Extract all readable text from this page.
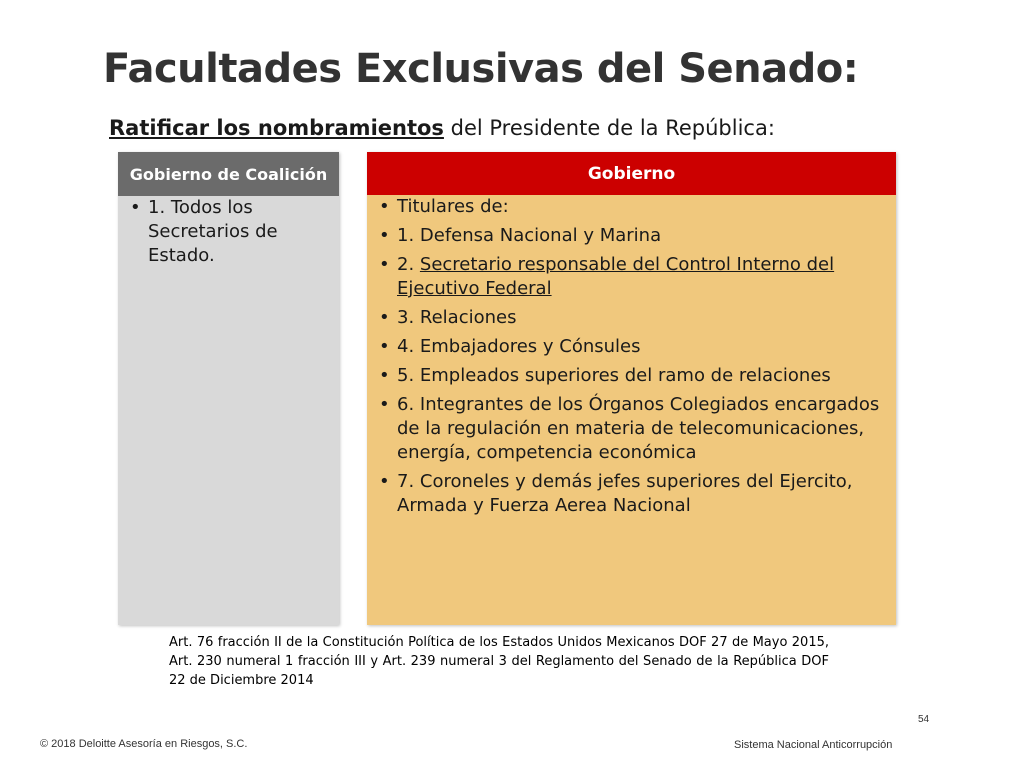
Facultades Exclusivas del Senado:
Ratificar los nombramientos del Presidente de la República:
Gobierno de Coalición
• 1. Todos los Secretarios de Estado.
Gobierno
• Titulares de:
• 1. Defensa Nacional y Marina
• 2. Secretario responsable del Control Interno del Ejecutivo Federal
• 3. Relaciones
• 4. Embajadores y Cónsules
• 5. Empleados superiores del ramo de relaciones
• 6. Integrantes de los Órganos Colegiados encargados de la regulación en materia de telecomunicaciones, energía, competencia económica
• 7. Coroneles y demás jefes superiores del Ejercito, Armada y Fuerza Aerea Nacional
Art. 76 fracción II de la Constitución Política de los Estados Unidos Mexicanos DOF 27 de Mayo 2015, Art. 230 numeral 1 fracción III y Art. 239 numeral 3 del Reglamento del Senado de la República DOF 22 de Diciembre 2014
54
© 2018 Deloitte Asesoría en Riesgos, S.C.	Sistema Nacional Anticorrupción
